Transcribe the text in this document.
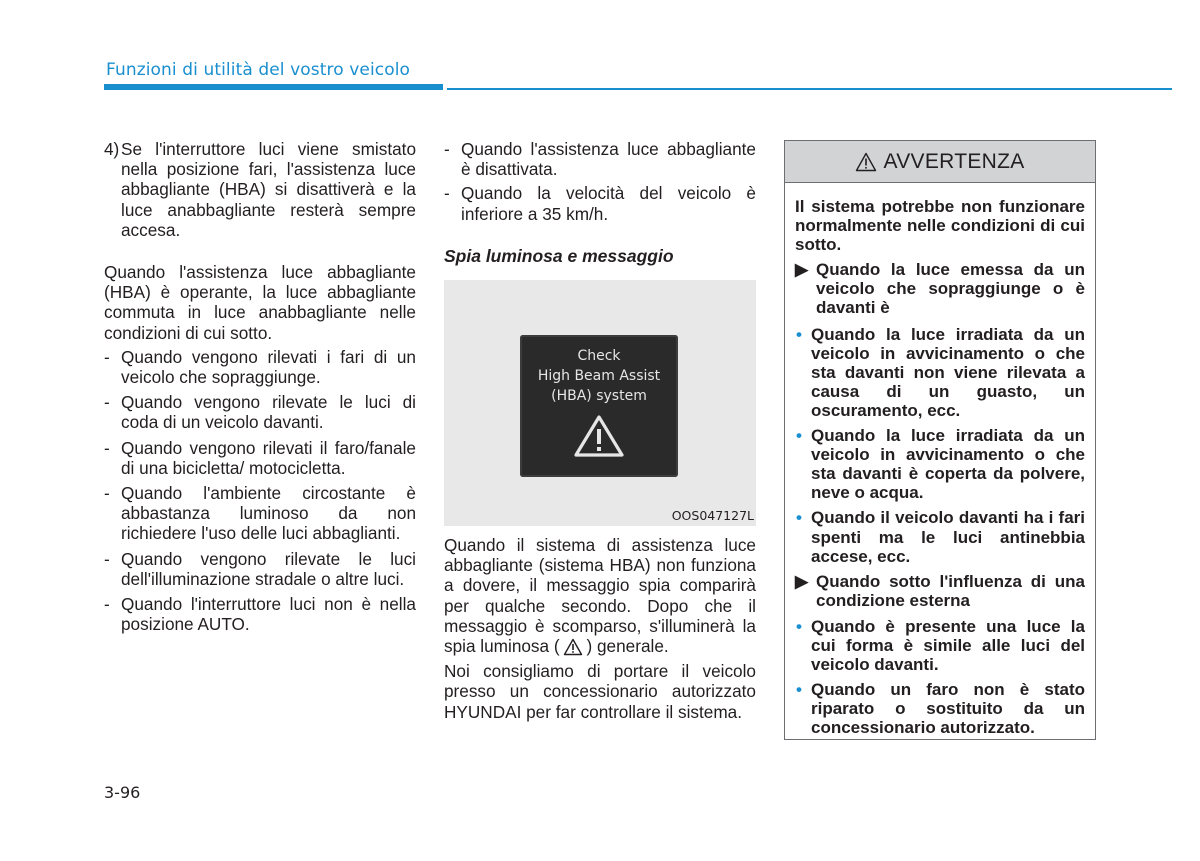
Funzioni di utilità del vostro veicolo

4) Se l'interruttore luci viene smistato nella posizione fari, l'assistenza luce abbagliante (HBA) si disattiverà e la luce anabbagliante resterà sempre accesa.

Quando l'assistenza luce abbagliante (HBA) è operante, la luce abbagliante commuta in luce anabbagliante nelle condizioni di cui sotto.

- Quando vengono rilevati i fari di un veicolo che sopraggiunge.

- Quando vengono rilevate le luci di coda di un veicolo davanti.

- Quando vengono rilevati il faro/fanale di una bicicletta/ motocicletta.

- Quando l'ambiente circostante è abbastanza luminoso da non richiedere l'uso delle luci abbaglianti.

- Quando vengono rilevate le luci dell'illuminazione stradale o altre luci.

- Quando l'interruttore luci non è nella posizione AUTO.

- Quando l'assistenza luce abbagliante è disattivata.

- Quando la velocità del veicolo è inferiore a 35 km/h.

Spia luminosa e messaggio
Check
High Beam Assist
(HBA) system
OOS047127L

Quando il sistema di assistenza luce abbagliante (sistema HBA) non funziona a dovere, il messaggio spia comparirà per qualche secondo. Dopo che il messaggio è scomparso, s'illuminerà la spia luminosa (   ) generale.

Noi consigliamo di portare il veicolo presso un concessionario autorizzato HYUNDAI per far controllare il sistema.

AVVERTENZA

Il sistema potrebbe non funzionare normalmente nelle condizioni di cui sotto.

▶ Quando la luce emessa da un veicolo che sopraggiunge o è davanti è

• Quando la luce irradiata da un veicolo in avvicinamento o che sta davanti non viene rilevata a causa di un guasto, un oscuramento, ecc.

• Quando la luce irradiata da un veicolo in avvicinamento o che sta davanti è coperta da polvere, neve o acqua.

• Quando il veicolo davanti ha i fari spenti ma le luci antinebbia accese, ecc.

▶ Quando sotto l'influenza di una condizione esterna

• Quando è presente una luce la cui forma è simile alle luci del veicolo davanti.

• Quando un faro non è stato riparato o sostituito da un concessionario autorizzato.

3-96
